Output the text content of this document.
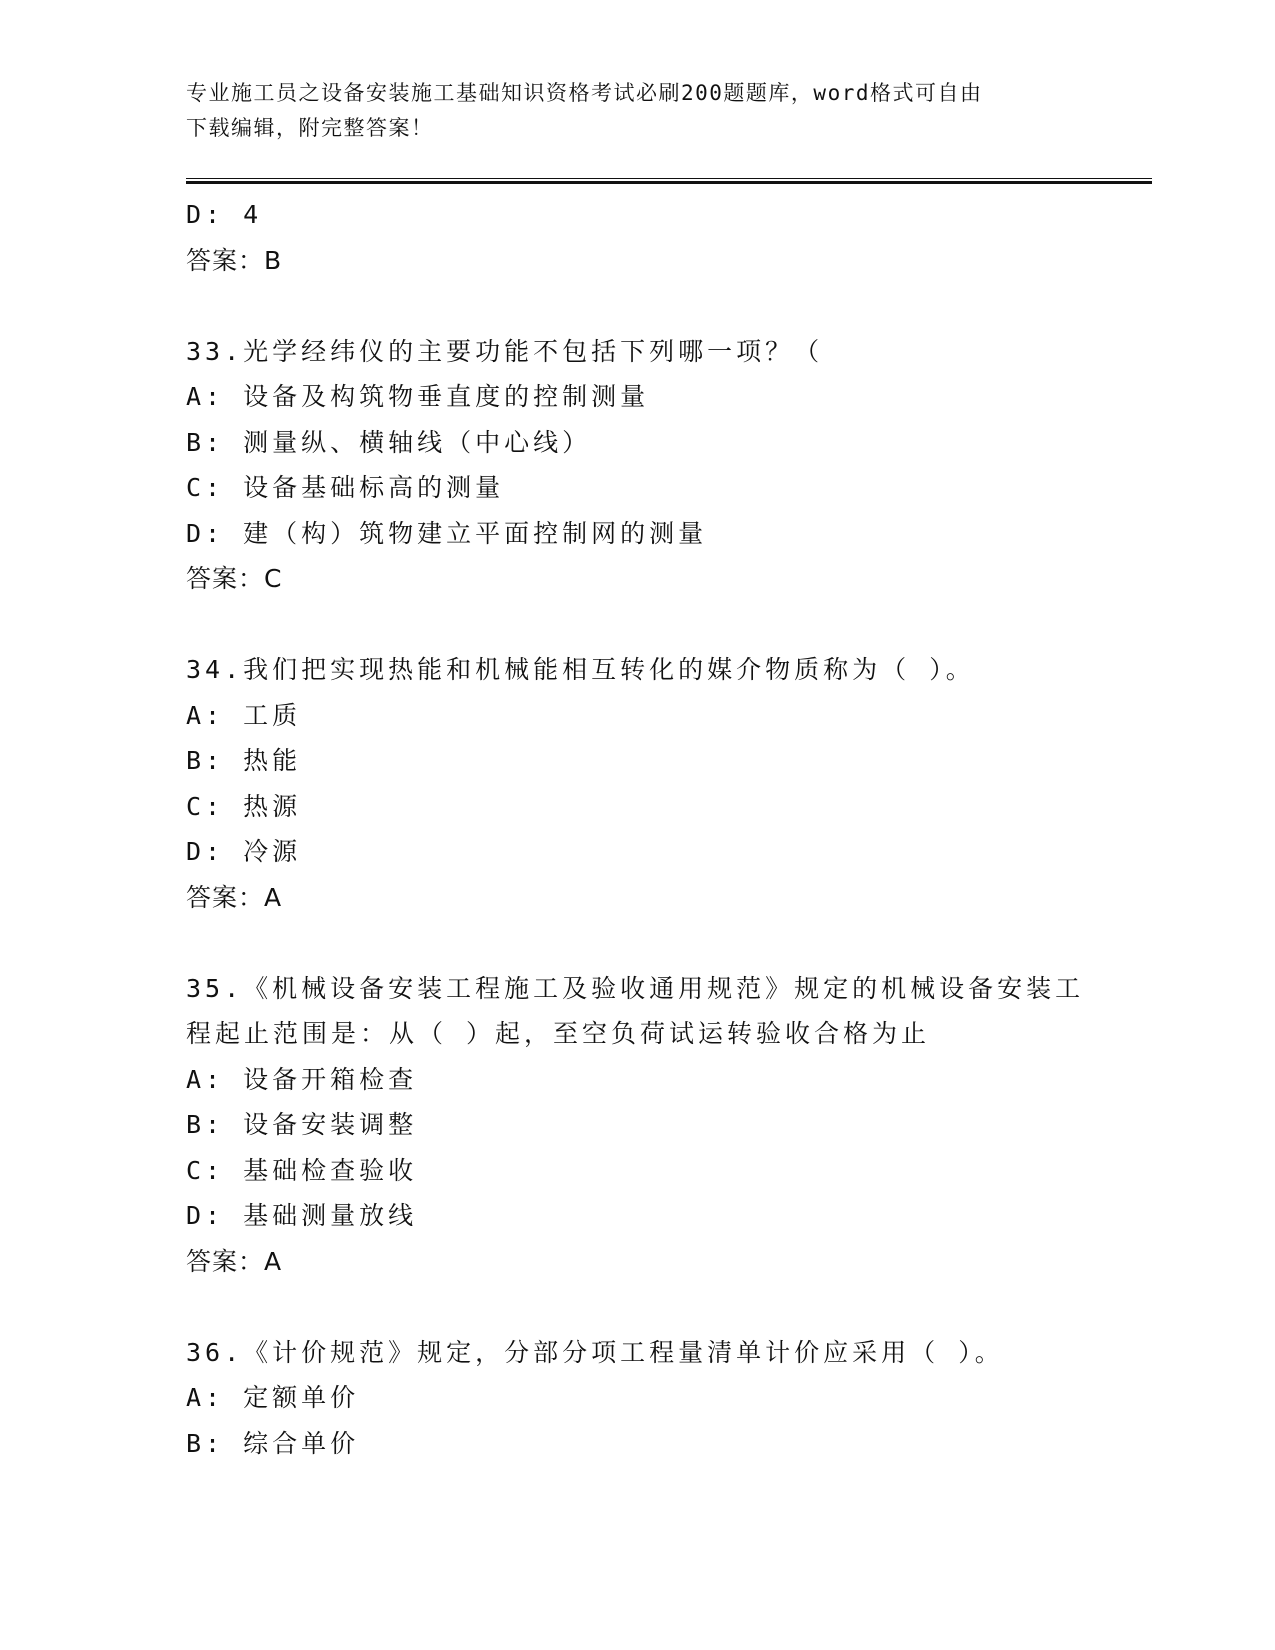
专业施工员之设备安装施工基础知识资格考试必刷200题题库，word格式可自由
下载编辑，附完整答案！
D: 4
答案：B
33.光学经纬仪的主要功能不包括下列哪一项？（
A: 设备及构筑物垂直度的控制测量
B: 测量纵、横轴线（中心线）
C: 设备基础标高的测量
D: 建（构）筑物建立平面控制网的测量
答案：C
34.我们把实现热能和机械能相互转化的媒介物质称为（ ）。
A: 工质
B: 热能
C: 热源
D: 冷源
答案：A
35.《机械设备安装工程施工及验收通用规范》规定的机械设备安装工
程起止范围是：从（ ）起，至空负荷试运转验收合格为止
A: 设备开箱检查
B: 设备安装调整
C: 基础检查验收
D: 基础测量放线
答案：A
36.《计价规范》规定，分部分项工程量清单计价应采用（ ）。
A: 定额单价
B: 综合单价
